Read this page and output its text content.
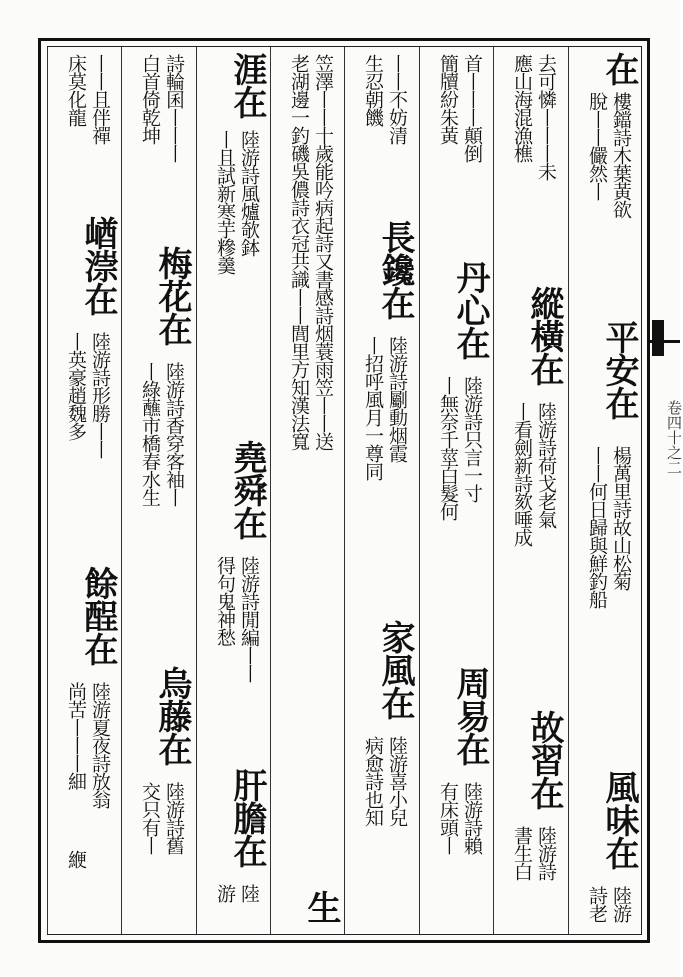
在
樓鐺詩木葉黃欲
脫丨丨儼然丨
平安在
楊萬里詩故山松菊
丨丨何日歸與鮮釣船
風味在
陸游
詩老
去可憐丨丨丨未
應山海混漁樵
縱橫在
陸游詩荷戈老氣
丨看劍新詩欬唾成
故習在
陸游詩
書生白
首丨丨丨顛倒
簡牘紛朱黃
丹心在
陸游詩只言一寸
丨無奈千莖白髮何
周易在
陸游詩賴
有床頭丨
丨丨不妨清
生忍朝饑
長鑱在
陸游詩劚動烟霞
丨招呼風月一尊同
家風在
陸游喜小兒
病愈詩也知
笠澤丨丨十歲能吟病起詩又書感詩烟蓑雨笠丨丨送
老湖邊一釣磯吳儂詩衣冠共識丨丨閭里方知漢法寬
生
涯在
陸游詩風爐欹鉢
丨且試新寒芋糝羹
堯舜在
陸游詩閒編丨丨
得句鬼神愁
肝膽在
陸
游
詩輪囷丨丨丨
白首倚乾坤
梅花在
陸游詩香穿客袖丨
丨綠蘸市橋春水生
烏藤在
陸游詩舊
交只有丨
丨丨且伴禪
床莫化龍
崷漴在
陸游詩形勝丨丨
丨英豪趙魏多
餘酲在
陸游夏夜詩放翁
尚苦丨丨丨細
緶
卷四十之二
